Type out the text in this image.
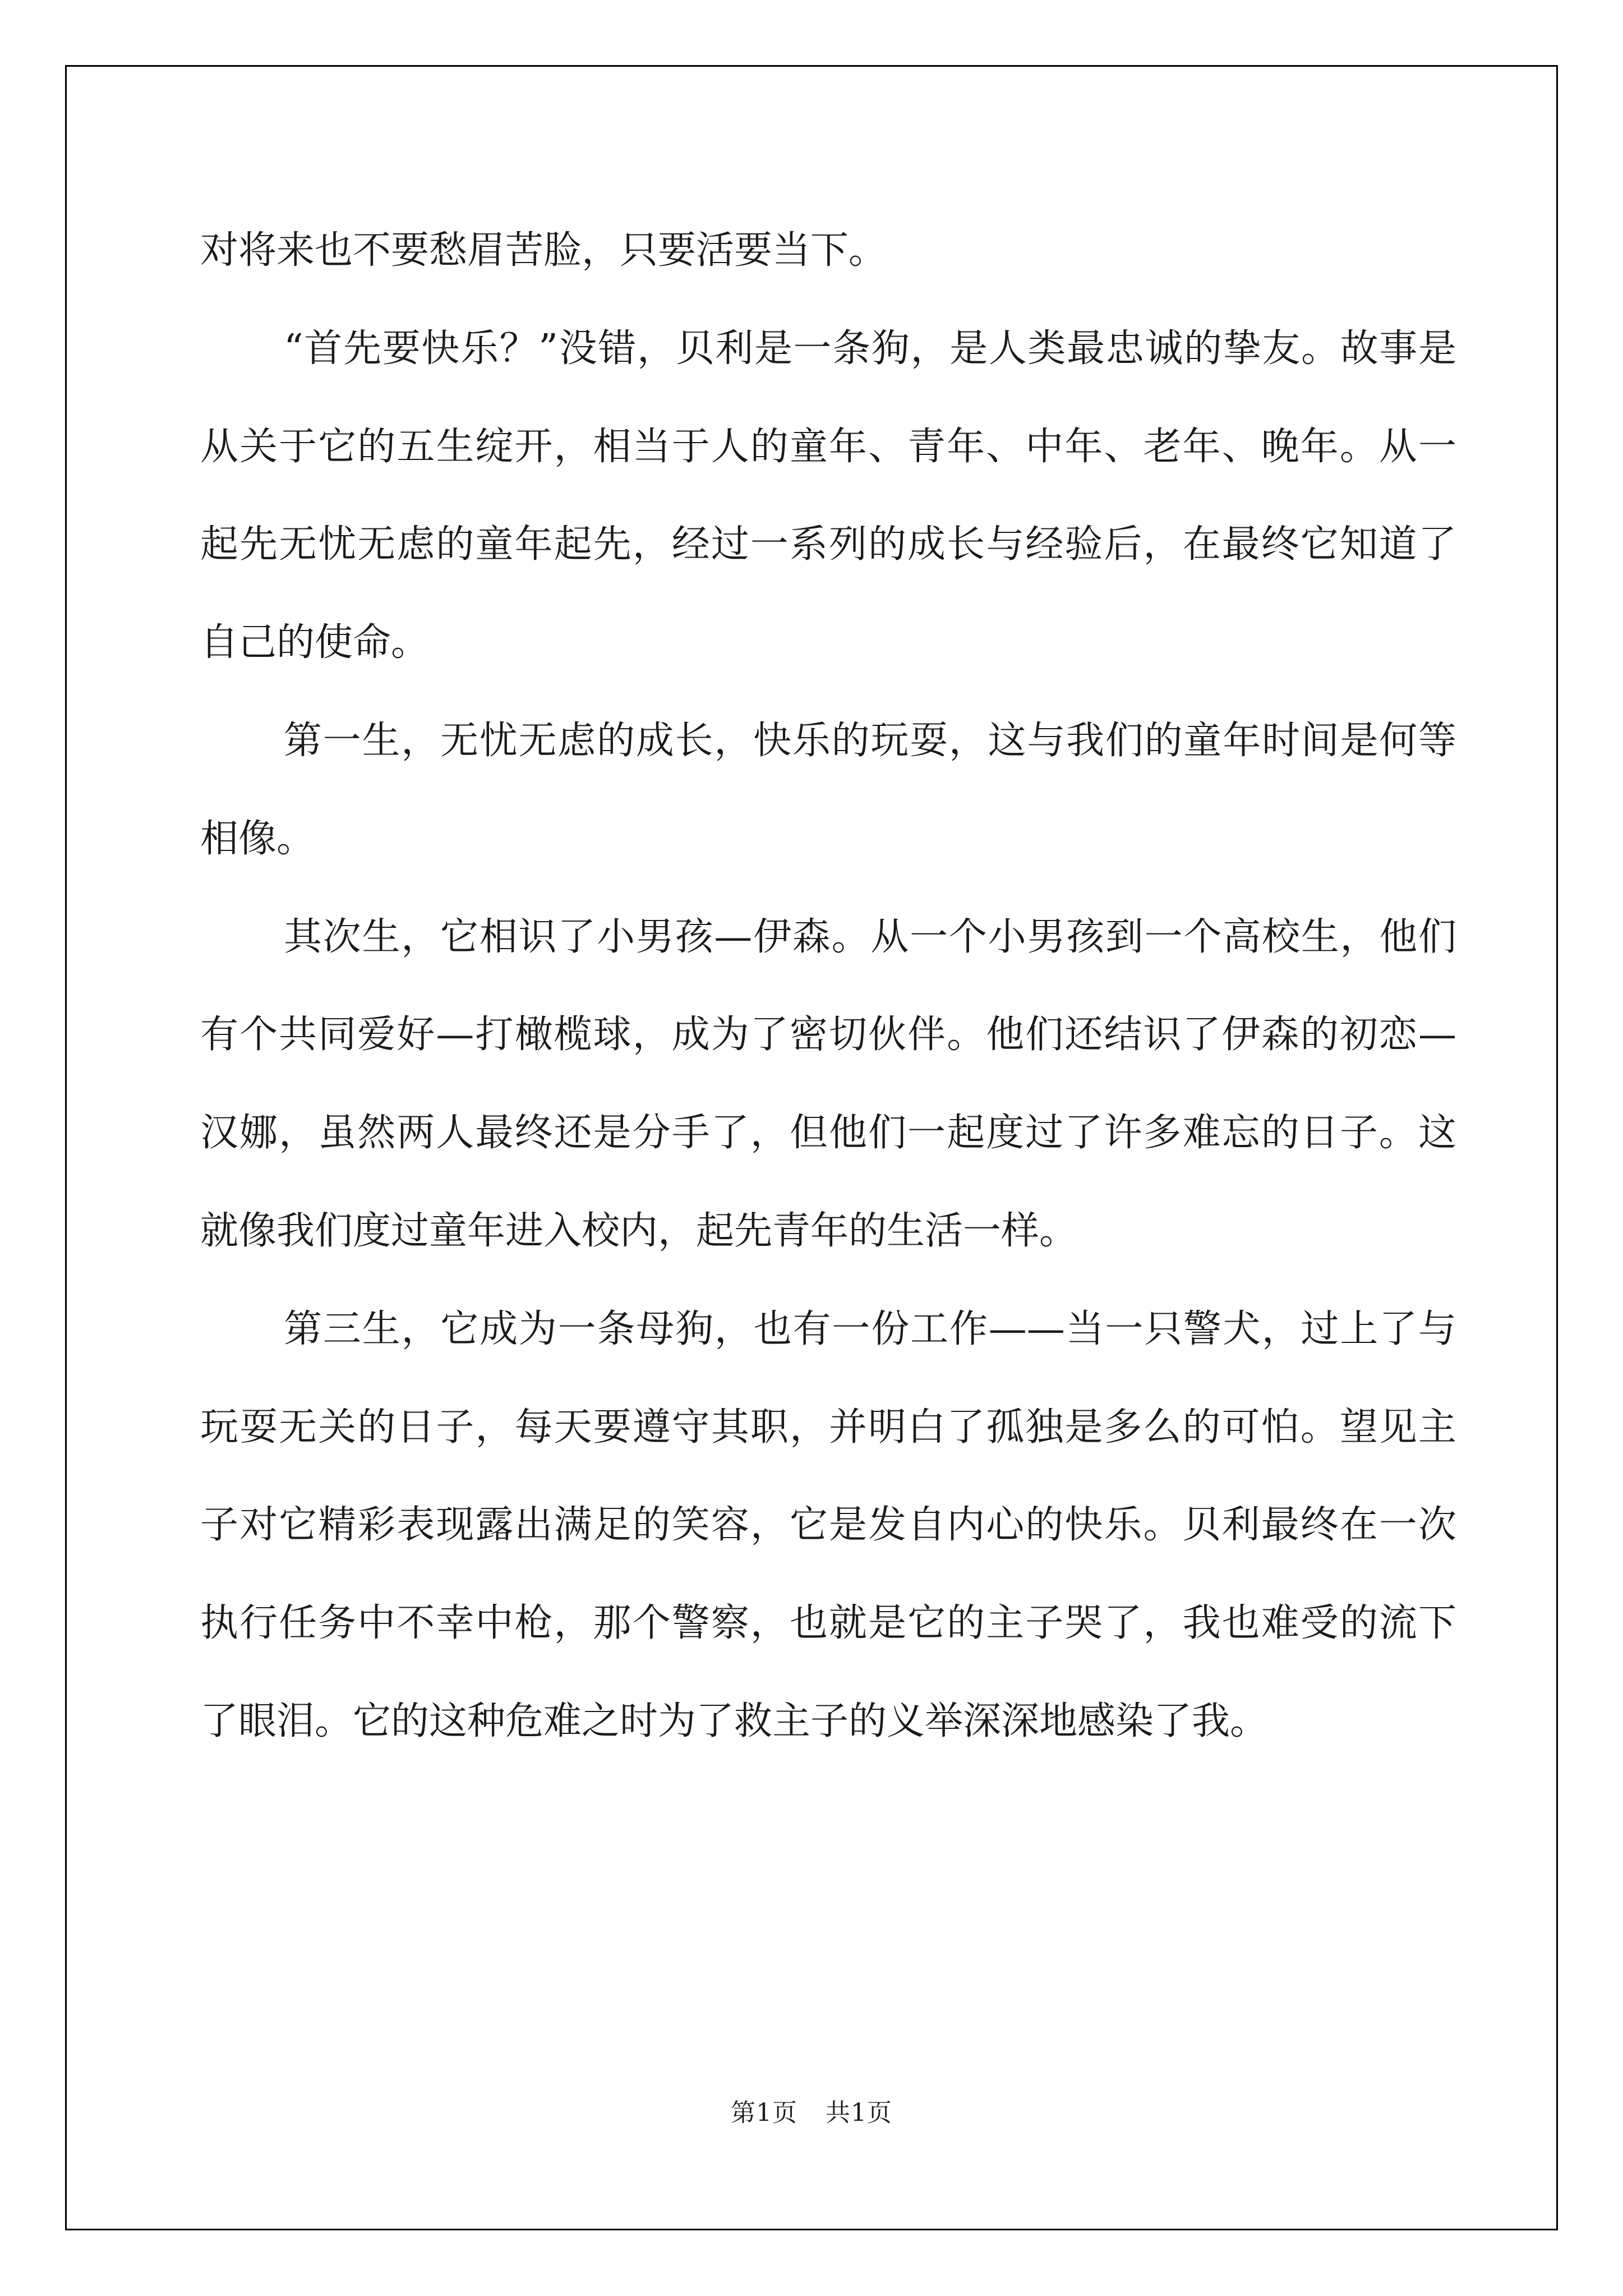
对将来也不要愁眉苦脸，只要活要当下。

“首先要快乐？”没错，贝利是一条狗，是人类最忠诚的挚友。故事是从关于它的五生绽开，相当于人的童年、青年、中年、老年、晚年。从一起先无忧无虑的童年起先，经过一系列的成长与经验后，在最终它知道了自己的使命。

第一生，无忧无虑的成长，快乐的玩耍，这与我们的童年时间是何等相像。

其次生，它相识了小男孩—伊森。从一个小男孩到一个高校生，他们有个共同爱好—打橄榄球，成为了密切伙伴。他们还结识了伊森的初恋—汉娜，虽然两人最终还是分手了，但他们一起度过了许多难忘的日子。这就像我们度过童年进入校内，起先青年的生活一样。

第三生，它成为一条母狗，也有一份工作——当一只警犬，过上了与玩耍无关的日子，每天要遵守其职，并明白了孤独是多么的可怕。望见主子对它精彩表现露出满足的笑容，它是发自内心的快乐。贝利最终在一次执行任务中不幸中枪，那个警察，也就是它的主子哭了，我也难受的流下了眼泪。它的这种危难之时为了救主子的义举深深地感染了我。

第1页 共1页
